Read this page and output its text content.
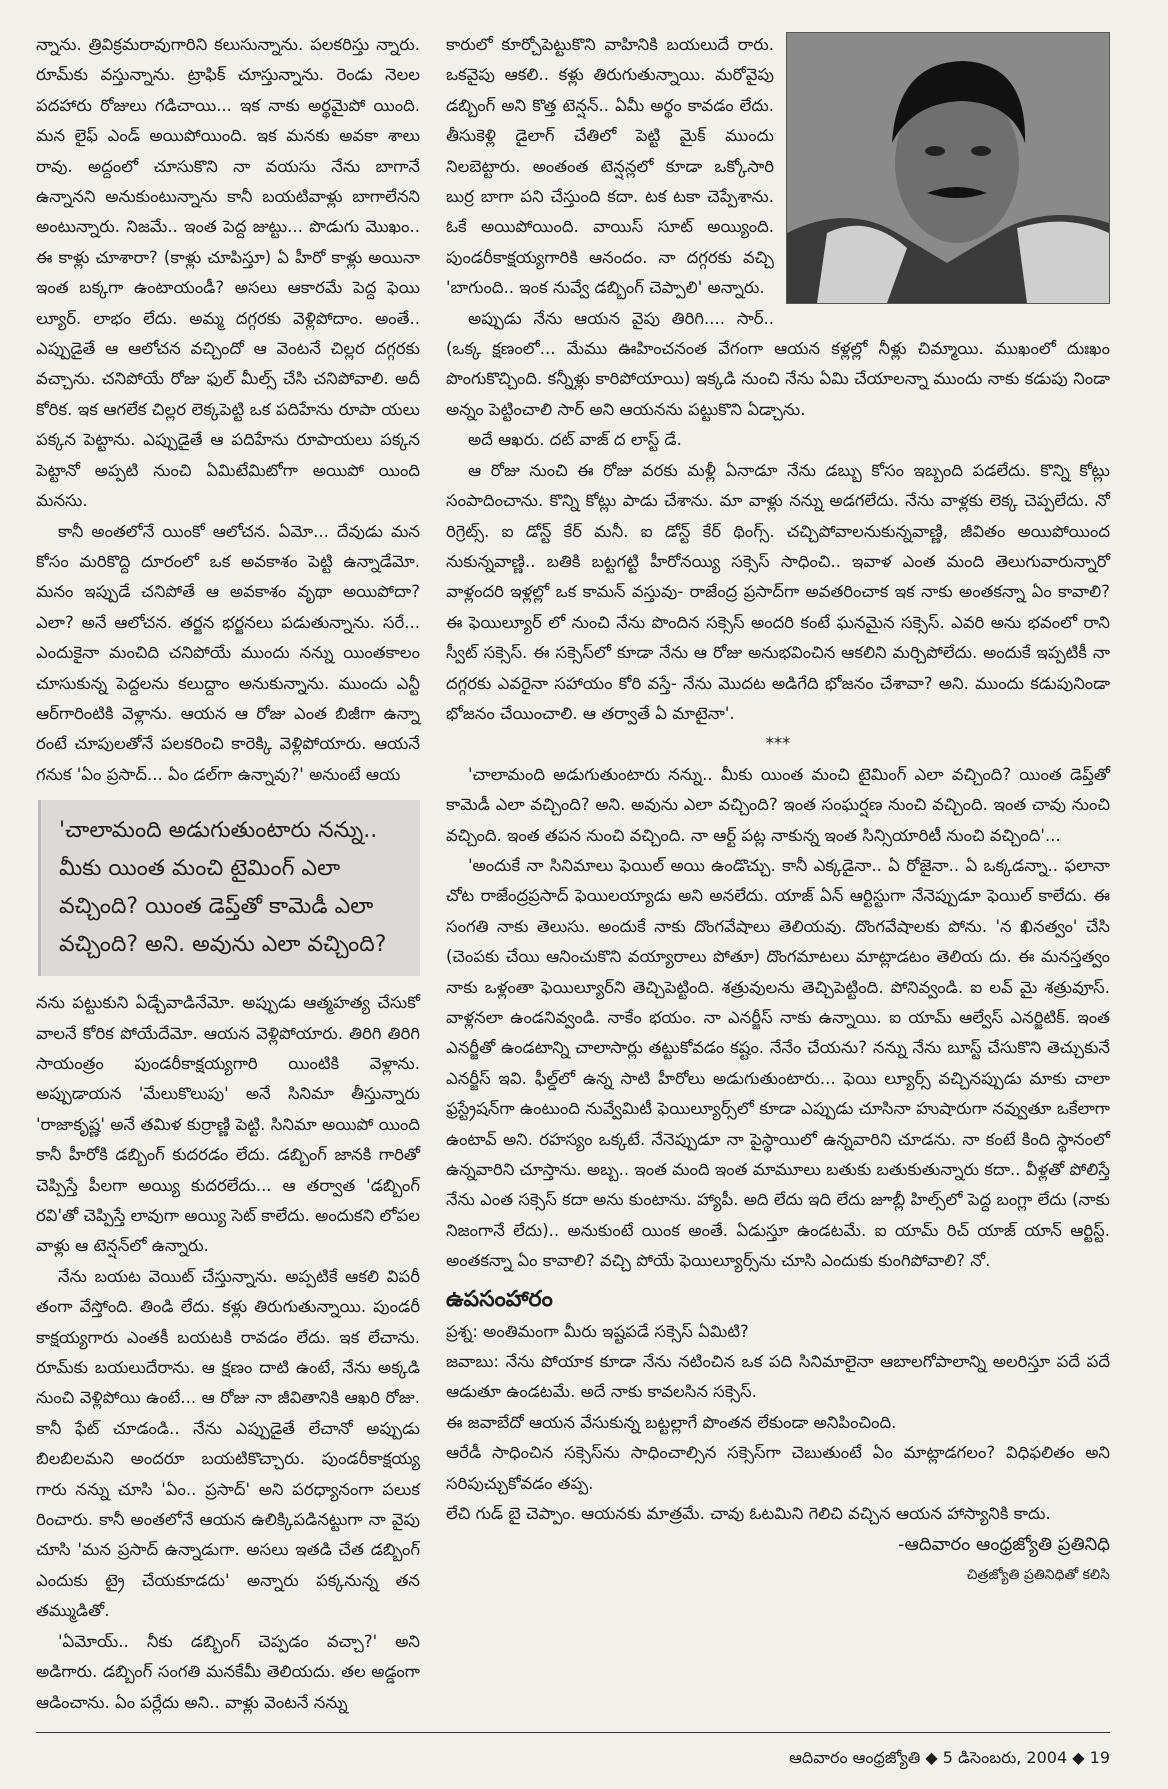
న్నాను. త్రివిక్రమరావుగారిని కలుసున్నాను. పలకరిస్తు న్నారు. రూమ్‌కు వస్తున్నాను. ట్రాఫిక్ చూస్తున్నాను. రెండు నెలల పదహారు రోజులు గడిచాయి... ఇక నాకు అర్థమైపో యింది. మన లైఫ్ ఎండ్ అయిపోయింది. ఇక మనకు అవకా శాలు రావు. అద్దంలో చూసుకొని నా వయసు నేను బాగానే ఉన్నానని అనుకుంటున్నాను కానీ బయటివాళ్లు బాగాలేనని అంటున్నారు. నిజమే.. ఇంత పెద్ద జుట్టు... పొడుగు మొఖం.. ఈ కాళ్లు చూశారా? (కాళ్లు చూపిస్తూ) ఏ హీరో కాళ్లు అయినా ఇంత బక్కగా ఉంటాయండీ? అసలు ఆకారమే పెద్ద ఫెయి ల్యూర్. లాభం లేదు. అమ్మ దగ్గరకు వెళ్లిపోదాం. అంతే.. ఎప్పుడైతే ఆ ఆలోచన వచ్చిందో ఆ వెంటనే చిల్లర దగ్గరకు వచ్చాను. చనిపోయే రోజు ఫుల్ మీల్స్ చేసి చనిపోవాలి. అదీ కోరిక. ఇక ఆగలేక చిల్లర లెక్కపెట్టి ఒక పదిహేను రూపా యలు పక్కన పెట్టాను. ఎప్పుడైతే ఆ పదిహేను రూపాయలు పక్కన పెట్టానో అప్పటి నుంచి ఏమిటేమిటోగా అయిపో యింది మనసు.

కానీ అంతలోనే యింకో ఆలోచన. ఏమో... దేవుడు మన కోసం మరికొద్ది దూరంలో ఒక అవకాశం పెట్టి ఉన్నాడేమో. మనం ఇప్పుడే చనిపోతే ఆ అవకాశం వృథా అయిపోదా? ఎలా? అనే ఆలోచన. తర్జన భర్జనలు పడుతున్నాను. సరే... ఎందుకైనా మంచిది చనిపోయే ముందు నన్ను యింతకాలం చూసుకున్న పెద్దలను కలుద్దాం అనుకున్నాను. ముందు ఎన్టీ ఆర్‌గారింటికి వెళ్లాను. ఆయన ఆ రోజు ఎంత బిజీగా ఉన్నా రంటే చూపులతోనే పలకరించి కారెక్కి వెళ్లిపోయారు. ఆయనే గనుక 'ఏం ప్రసాద్... ఏం డల్‌గా ఉన్నావు?' అనుంటే ఆయ

'చాలామంది అడుగుతుంటారు నన్ను.. మీకు యింత మంచి టైమింగ్ ఎలా వచ్చింది? యింత డెప్త్‌తో కామెడీ ఎలా వచ్చింది? అని. అవును ఎలా వచ్చింది?

నను పట్టుకుని ఏడ్చేవాడినేమో. అప్పుడు ఆత్మహత్య చేసుకో వాలనే కోరిక పోయేదేమో. ఆయన వెళ్లిపోయారు. తిరిగి తిరిగి సాయంత్రం పుండరీకాక్షయ్యగారి యింటికి వెళ్లాను. అప్పుడాయన 'మేలుకొలుపు' అనే సినిమా తీస్తున్నారు 'రాజాకృష్ణ' అనే తమిళ కుర్రాణ్ణి పెట్టి. సినిమా అయిపో యింది కానీ హీరోకి డబ్బింగ్ కుదరడం లేదు. డబ్బింగ్ జానకి గారితో చెప్పిస్తే పీలగా అయ్యి కుదరలేదు... ఆ తర్వాత 'డబ్బింగ్ రవి'తో చెప్పిస్తే లావుగా అయ్యి సెట్ కాలేదు. అందుకని లోపల వాళ్లు ఆ టెన్షన్‌లో ఉన్నారు.

నేను బయట వెయిట్ చేస్తున్నాను. అప్పటికే ఆకలి విపరీ తంగా వేస్తోంది. తిండి లేదు. కళ్లు తిరుగుతున్నాయి. పుండరీ కాక్షయ్యగారు ఎంతకీ బయటకి రావడం లేదు. ఇక లేచాను. రూమ్‌కు బయలుదేరాను. ఆ క్షణం దాటి ఉంటే, నేను అక్కడి నుంచి వెళ్లిపోయి ఉంటే... ఆ రోజు నా జీవితానికి ఆఖరి రోజు. కానీ ఫేట్ చూడండి.. నేను ఎప్పుడైతే లేచానో అప్పుడు బిలబిలమని అందరూ బయటికొచ్చారు. పుండరీకాక్షయ్య గారు నన్ను చూసి 'ఏం.. ప్రసాద్' అని పరధ్యానంగా పలుక రించారు. కానీ అంతలోనే ఆయన ఉలిక్కిపడినట్టుగా నా వైపు చూసి 'మన ప్రసాద్ ఉన్నాడుగా. అసలు ఇతడి చేత డబ్బింగ్ ఎందుకు ట్రై చేయకూడదు' అన్నారు పక్కనున్న తన తమ్ముడితో.

'ఏమోయ్.. నీకు డబ్బింగ్ చెప్పడం వచ్చా?' అని అడిగారు. డబ్బింగ్ సంగతి మనకేమీ తెలియదు. తల అడ్డంగా ఆడించాను. ఏం పర్లేదు అని.. వాళ్లు వెంటనే నన్ను

కారులో కూర్చోపెట్టుకొని వాహినికి బయలుదే రారు. ఒకవైపు ఆకలి.. కళ్లు తిరుగుతున్నాయి. మరోవైపు డబ్బింగ్ అని కొత్త టెన్షన్.. ఏమీ అర్థం కావడం లేదు. తీసుకెళ్లి డైలాగ్ చేతిలో పెట్టి మైక్ ముందు నిలబెట్టారు. అంతంత టెన్షన్లలో కూడా ఒక్కోసారి బుర్ర బాగా పని చేస్తుంది కదా. టక టకా చెప్పేశాను. ఓకే అయిపోయింది. వాయిస్ సూట్ అయ్యింది. పుండరీకాక్షయ్యగారికి ఆనందం. నా దగ్గరకు వచ్చి 'బాగుంది.. ఇంక నువ్వే డబ్బింగ్ చెప్పాలి' అన్నారు.

అప్పుడు నేను ఆయన వైపు తిరిగి.... సార్.. (ఒక్క క్షణంలో... మేము ఊహించనంత వేగంగా ఆయన కళ్లల్లో నీళ్లు చిమ్మాయి. ముఖంలో దుఃఖం పొంగుకొచ్చింది. కన్నీళ్లు కారిపోయాయి) ఇక్కడి నుంచి నేను ఏమి చేయాలన్నా ముందు నాకు కడుపు నిండా అన్నం పెట్టించాలి సార్ అని ఆయనను పట్టుకొని ఏడ్చాను.

అదే ఆఖరు. దట్ వాజ్ ద లాస్ట్ డే.

ఆ రోజు నుంచి ఈ రోజు వరకు మళ్లీ ఏనాడూ నేను డబ్బు కోసం ఇబ్బంది పడలేదు. కొన్ని కోట్లు సంపాదించాను. కొన్ని కోట్లు పాడు చేశాను. మా వాళ్లు నన్ను అడగలేదు. నేను వాళ్లకు లెక్క చెప్పలేదు. నో రిగ్రెట్స్. ఐ డోన్ట్ కేర్ మనీ. ఐ డోన్ట్ కేర్ థింగ్స్. చచ్చిపోవాలనుకున్నవాణ్ణి, జీవితం అయిపోయింద నుకున్నవాణ్ణి.. బతికి బట్టగట్టి హీరోనయ్యి సక్సెస్ సాధించి.. ఇవాళ ఎంత మంది తెలుగువారున్నారో వాళ్లందరి ఇళ్లల్లో ఒక కామన్ వస్తువు- రాజేంద్ర ప్రసాద్‌గా అవతరించాక ఇక నాకు అంతకన్నా ఏం కావాలి? ఈ ఫెయిల్యూర్ లో నుంచి నేను పొందిన సక్సెస్ అందరి కంటే ఘనమైన సక్సెస్. ఎవరి అను భవంలో రాని స్వీట్ సక్సెస్. ఈ సక్సెస్‌లో కూడా నేను ఆ రోజు అనుభవించిన ఆకలిని మర్చిపోలేదు. అందుకే ఇప్పటికీ నా దగ్గరకు ఎవరైనా సహాయం కోరి వస్తే- నేను మొదట అడిగేది భోజనం చేశావా? అని. ముందు కడుపునిండా భోజనం చేయించాలి. ఆ తర్వాతే ఏ మాటైనా'.

***

'చాలామంది అడుగుతుంటారు నన్ను.. మీకు యింత మంచి టైమింగ్ ఎలా వచ్చింది? యింత డెప్త్‌తో కామెడీ ఎలా వచ్చింది? అని. అవును ఎలా వచ్చింది? ఇంత సంఘర్షణ నుంచి వచ్చింది. ఇంత చావు నుంచి వచ్చింది. ఇంత తపన నుంచి వచ్చింది. నా ఆర్ట్ పట్ల నాకున్న ఇంత సిన్సియారిటీ నుంచి వచ్చింది'...

'అందుకే నా సినిమాలు ఫెయిల్ అయి ఉండొచ్చు. కానీ ఎక్కడైనా.. ఏ రోజైనా.. ఏ ఒక్కడన్నా.. ఫలానా చోట రాజేంద్రప్రసాద్ ఫెయిలయ్యాడు అని అనలేదు. యాజ్ ఏన్ ఆర్టిస్టుగా నేనెప్పుడూ ఫెయిల్ కాలేదు. ఈ సంగతి నాకు తెలుసు. అందుకే నాకు దొంగవేషాలు తెలియవు. దొంగవేషాలకు పోను. 'న ఖినత్వం' చేసి (చెంపకు చేయి ఆనించుకొని వయ్యారాలు పోతూ) దొంగమాటలు మాట్లాడటం తెలియ దు. ఈ మనస్తత్వం నాకు ఒళ్లంతా ఫెయిల్యూర్‌ని తెచ్చిపెట్టింది. శత్రువులను తెచ్చిపెట్టింది. పోనివ్వండి. ఐ లవ్ మై శత్రువూస్. వాళ్లనలా ఉండనివ్వండి. నాకేం భయం. నా ఎనర్జీస్ నాకు ఉన్నాయి. ఐ యామ్ ఆల్వేస్ ఎనర్జిటిక్. ఇంత ఎనర్జీతో ఉండటాన్ని చాలాసార్లు తట్టుకోవడం కష్టం. నేనేం చేయను? నన్ను నేను బూస్ట్ చేసుకొని తెచ్చుకునే ఎనర్జీస్ ఇవి. ఫీల్డ్‌లో ఉన్న సాటి హీరోలు అడుగుతుంటారు... ఫెయి ల్యూర్స్ వచ్చినప్పుడు మాకు చాలా ఫ్రస్ట్రేషన్‌గా ఉంటుంది నువ్వేమిటీ ఫెయిల్యూర్స్‌లో కూడా ఎప్పుడు చూసినా హుషారుగా నవ్వుతూ ఒకేలాగా ఉంటావ్ అని. రహస్యం ఒక్కటే. నేనెప్పుడూ నా పైస్థాయిలో ఉన్నవారిని చూడను. నా కంటే కింది స్థానంలో ఉన్నవారిని చూస్తాను. అబ్బ.. ఇంత మంది ఇంత మామూలు బతుకు బతుకుతున్నారు కదా.. వీళ్లతో పోలిస్తే నేను ఎంత సక్సెస్ కదా అను కుంటాను. హ్యాపీ. అది లేదు ఇది లేదు జూబ్లీ హిల్స్‌లో పెద్ద బంగ్లా లేదు (నాకు నిజంగానే లేదు).. అనుకుంటే యింక అంతే. ఏడుస్తూ ఉండటమే. ఐ యామ్ రిచ్ యాజ్ యాన్ ఆర్టిస్ట్. అంతకన్నా ఏం కావాలి? వచ్చి పోయే ఫెయిల్యూర్స్‌ను చూసి ఎందుకు కుంగిపోవాలి? నో.

ఉపసంహారం

ప్రశ్న: అంతిమంగా మీరు ఇష్టపడే సక్సెస్ ఏమిటి?

జవాబు: నేను పోయాక కూడా నేను నటించిన ఒక పది సినిమాలైనా ఆబాలగోపాలాన్ని అలరిస్తూ పదే పదే ఆడుతూ ఉండటమే. అదే నాకు కావలసిన సక్సెస్.

ఈ జవాబేదో ఆయన వేసుకున్న బట్టల్లాగే పొంతన లేకుండా అనిపించింది.

ఆరేడీ సాధించిన సక్సెస్‌ను సాధించాల్సిన సక్సెస్‌గా చెబుతుంటే ఏం మాట్లాడగలం? విధిఫలితం అని సరిపుచ్చుకోవడం తప్ప.

లేచి గుడ్ బై చెప్పాం. ఆయనకు మాత్రమే. చావు ఓటమిని గెలిచి వచ్చిన ఆయన హాస్యానికి కాదు.

-ఆదివారం ఆంధ్రజ్యోతి ప్రతినిధి

చిత్రజ్యోతి ప్రతినిధితో కలిసి

ఆదివారం ఆంధ్రజ్యోతి ◆ 5 డిసెంబరు, 2004 ◆ 19
